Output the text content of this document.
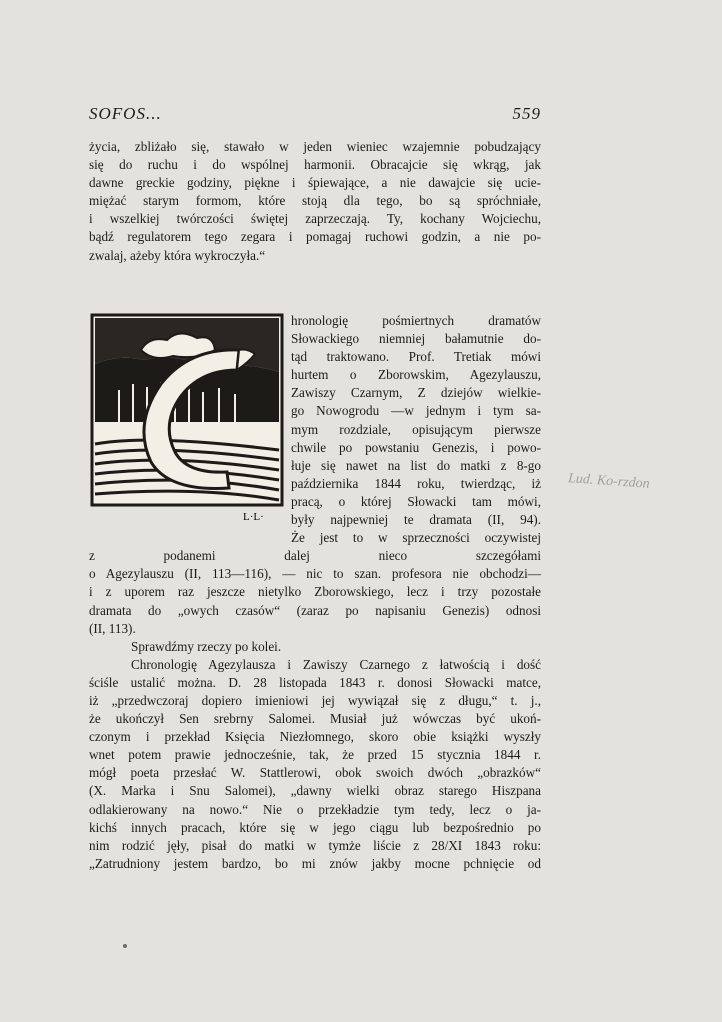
SOFOS...	559
życia, zbliżało się, stawało w jeden wieniec wzajemnie pobudzający
się do ruchu i do wspólnej harmonii. Obracajcie się wkrąg, jak
dawne greckie godziny, piękne i śpiewające, a nie dawajcie się ucie-
miężać starym formom, które stoją dla tego, bo są spróchniałe,
i wszelkiej twórczości świętej zaprzeczają. Ty, kochany Wojciechu,
bądź regulatorem tego zegara i pomagaj ruchowi godzin, a nie po-
zwalaj, ażeby która wykroczyła.“
L·L·
hronologię pośmiertnych dramatów
Słowackiego niemniej bałamutnie do-
tąd traktowano. Prof. Tretiak mówi
hurtem o Zborowskim, Agezylauszu,
Zawiszy Czarnym, Z dziejów wielkie-
go Nowogrodu —w jednym i tym sa-
mym rozdziale, opisującym pierwsze
chwile po powstaniu Genezis, i powo-
łuje się nawet na list do matki z 8-go
października 1844 roku, twierdząc, iż
pracą, o której Słowacki tam mówi,
były najpewniej te dramata (II, 94).
Że jest to w sprzeczności oczywistej
z podanemi dalej nieco szczegółami
o Agezylauszu (II, 113—116), — nic to szan. profesora nie obchodzi—
i z uporem raz jeszcze nietylko Zborowskiego, lecz i trzy pozostałe
dramata do „owych czasów“ (zaraz po napisaniu Genezis) odnosi
(II, 113).
Sprawdźmy rzeczy po kolei.
Chronologię Agezylausza i Zawiszy Czarnego z łatwością i dość
ściśle ustalić można. D. 28 listopada 1843 r. donosi Słowacki matce,
iż „przedwczoraj dopiero imieniowi jej wywiązał się z długu,“ t. j.,
że ukończył Sen srebrny Salomei. Musiał już wówczas być ukoń-
czonym i przekład Księcia Niezłomnego, skoro obie książki wyszły
wnet potem prawie jednocześnie, tak, że przed 15 stycznia 1844 r.
mógł poeta przesłać W. Stattlerowi, obok swoich dwóch „obrazków“
(X. Marka i Snu Salomei), „dawny wielki obraz starego Hiszpana
odlakierowany na nowo.“ Nie o przekładzie tym tedy, lecz o ja-
kichś innych pracach, które się w jego ciągu lub bezpośrednio po
nim rodzić jęły, pisał do matki w tymże liście z 28/XI 1843 roku:
„Zatrudniony jestem bardzo, bo mi znów jakby mocne pchnięcie od
Lud. Ko-rzdon
